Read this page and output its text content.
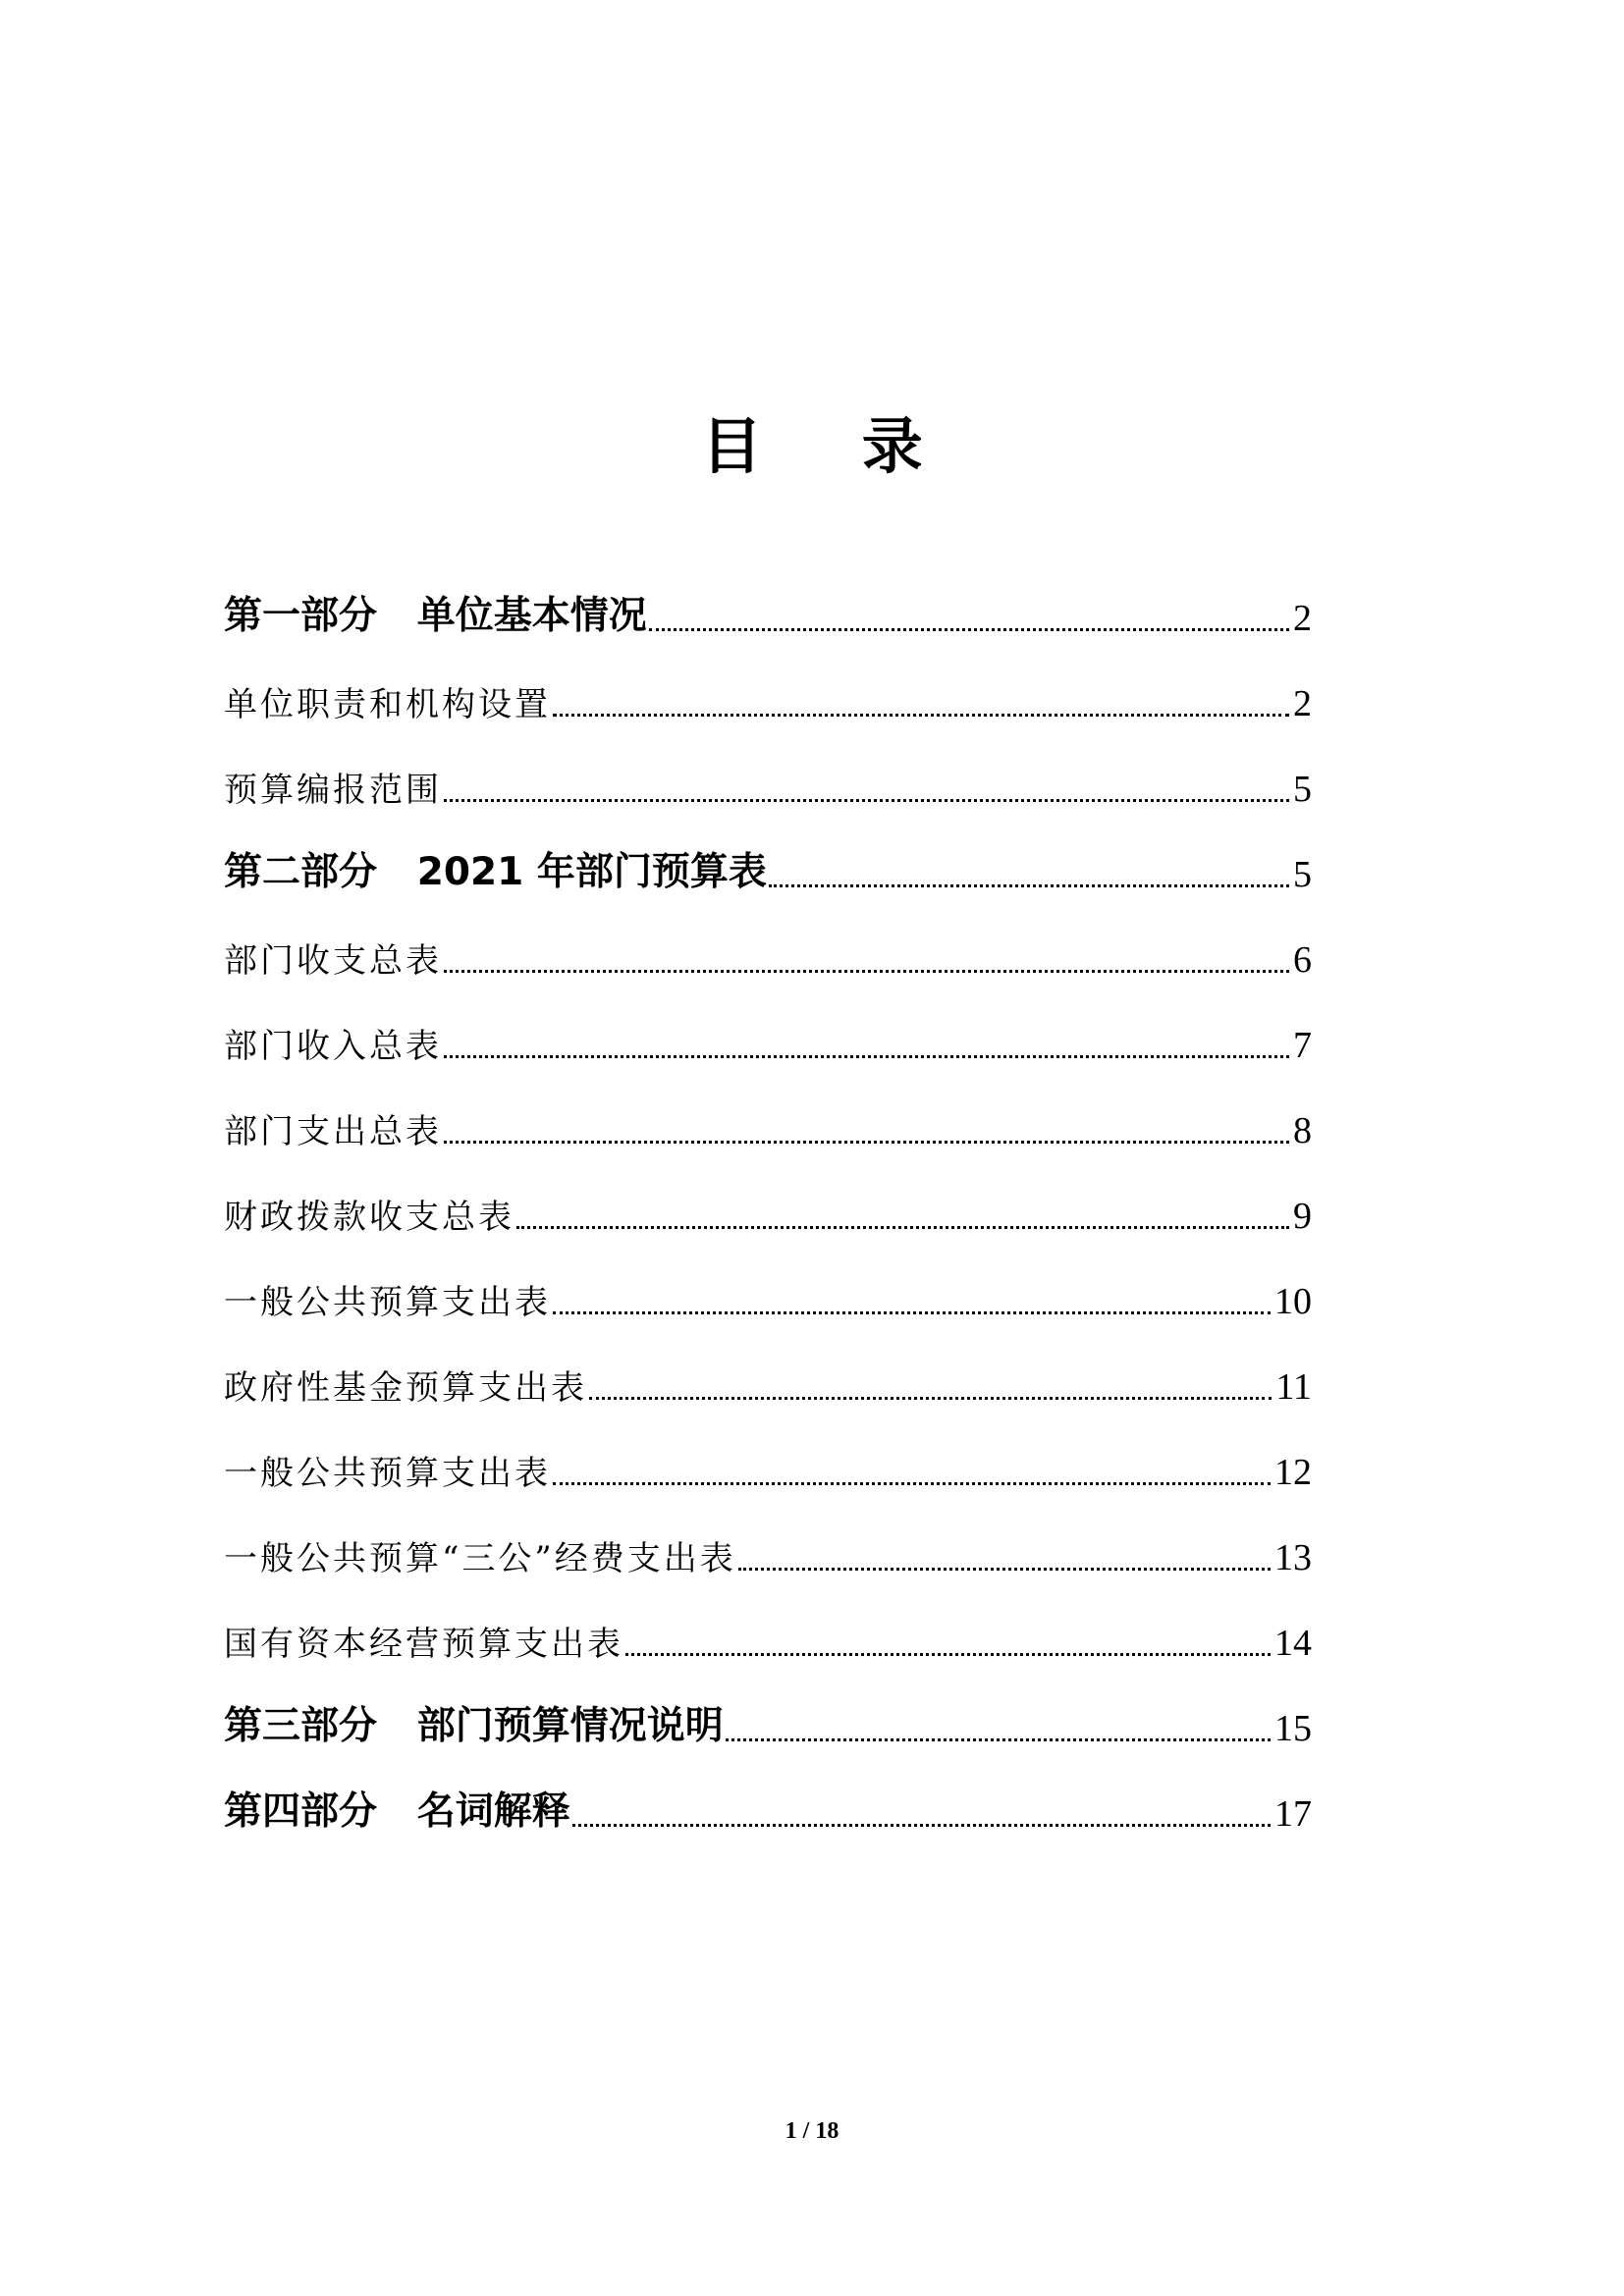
目 录
第一部分   单位基本情况	2
单位职责和机构设置	2
预算编报范围	5
第二部分   2021 年部门预算表	5
部门收支总表	6
部门收入总表	7
部门支出总表	8
财政拨款收支总表	9
一般公共预算支出表	10
政府性基金预算支出表	11
一般公共预算支出表	12
一般公共预算“三公”经费支出表	13
国有资本经营预算支出表	14
第三部分   部门预算情况说明	15
第四部分   名词解释	17
1 / 18
